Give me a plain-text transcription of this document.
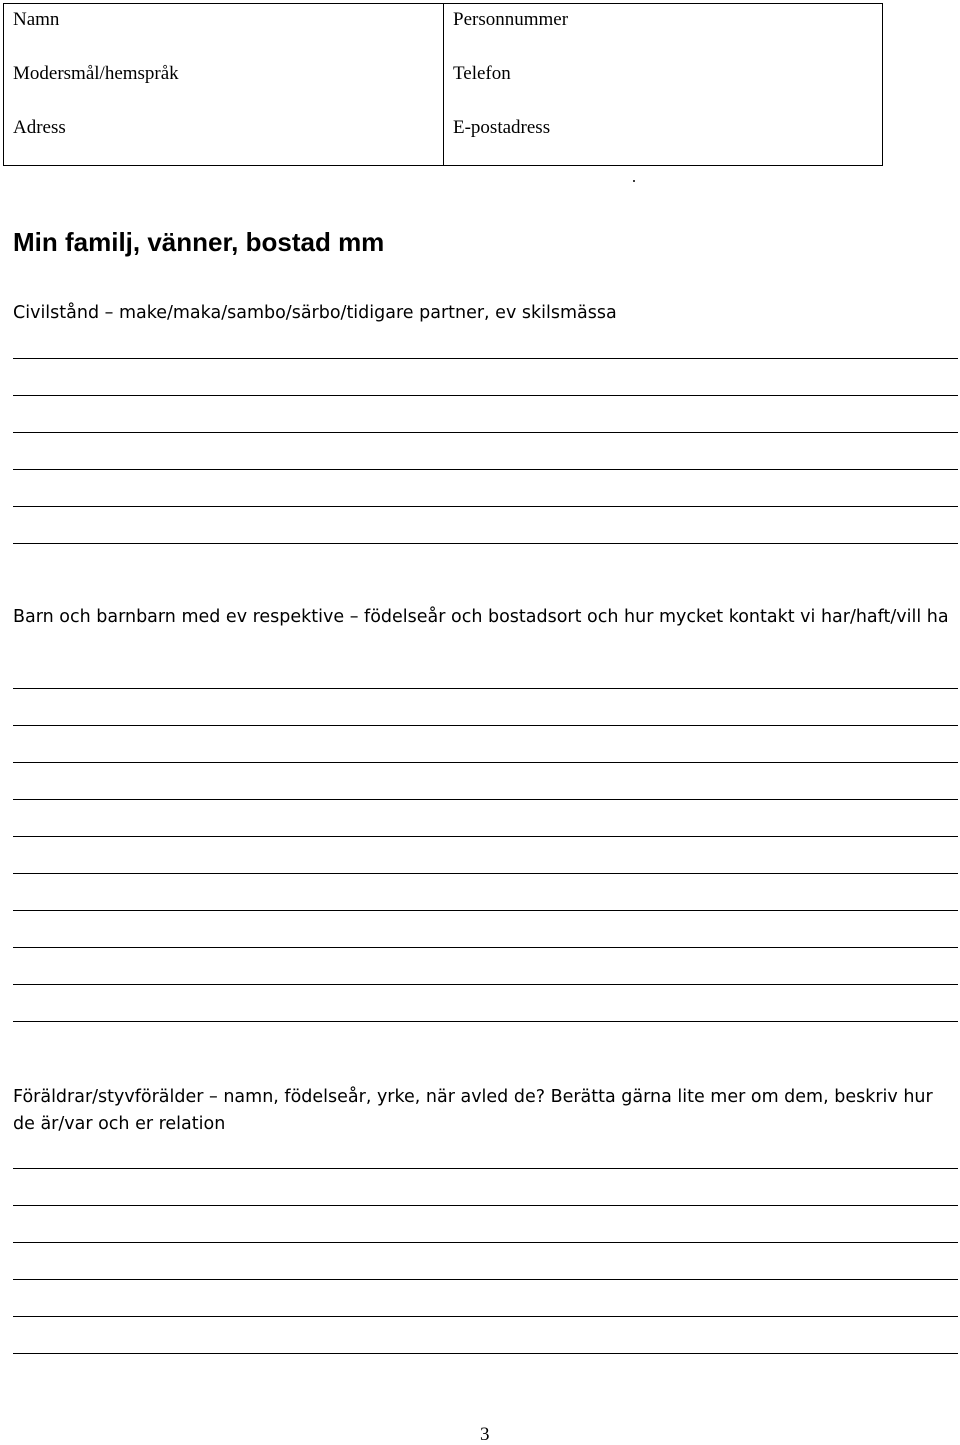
Namn
Modersmål/hemspråk
Adress
Personnummer
Telefon
E-postadress
Min familj, vänner, bostad mm

Civilstånd – make/maka/sambo/särbo/tidigare partner, ev skilsmässa

Barn och barnbarn med ev respektive – födelseår och bostadsort och hur mycket kontakt vi har/haft/vill ha

Föräldrar/styvförälder – namn, födelseår, yrke, när avled de? Berätta gärna lite mer om dem, beskriv hur de är/var och er relation

3
